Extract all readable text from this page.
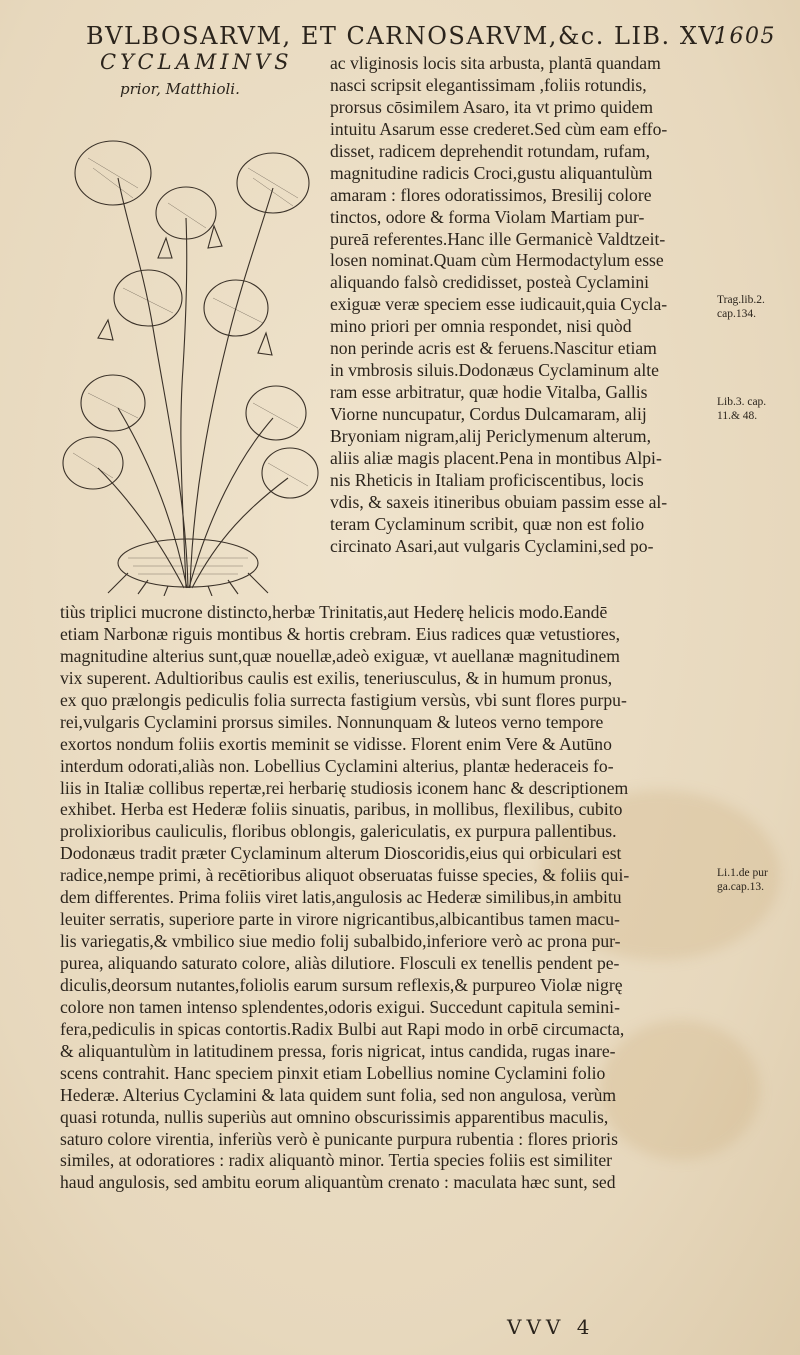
BVLBOSARVM, ET CARNOSARVM,&c. LIB. XV.
1605
CYCLAMINVS
prior, Matthioli.
ac vliginosis locis sita arbusta, plantā quandam
nasci scripsit elegantissimam ,foliis rotundis,
prorsus cōsimilem Asaro, ita vt primo quidem
intuitu Asarum esse crederet.Sed cùm eam effo-
disset, radicem deprehendit rotundam, rufam,
magnitudine radicis Croci,gustu aliquantulùm
amaram : flores odoratissimos, Bresilij colore
tinctos, odore & forma Violam Martiam pur-
pureā referentes.Hanc ille Germanicè Valdtzeit-
losen nominat.Quam cùm Hermodactylum esse
aliquando falsò credidisset, posteà Cyclamini
exiguæ veræ speciem esse iudicauit,quia Cycla-
mino priori per omnia respondet, nisi quòd
non perinde acris est & feruens.Nascitur etiam
in vmbrosis siluis.Dodonæus Cyclaminum alte
ram esse arbitratur, quæ hodie Vitalba, Gallis
Viorne nuncupatur, Cordus Dulcamaram, alij
Bryoniam nigram,alij Periclymenum alterum,
aliis aliæ magis placent.Pena in montibus Alpi-
nis Rheticis in Italiam proficiscentibus, locis
vdis, & saxeis itineribus obuiam passim esse al-
teram Cyclaminum scribit, quæ non est folio
circinato Asari,aut vulgaris Cyclamini,sed po-
tiùs triplici mucrone distincto,herbæ Trinitatis,aut Hederę helicis modo.Eandē
etiam Narbonæ riguis montibus & hortis crebram. Eius radices quæ vetustiores,
magnitudine alterius sunt,quæ nouellæ,adeò exiguæ, vt auellanæ magnitudinem
vix superent. Adultioribus caulis est exilis, teneriusculus, & in humum pronus,
ex quo prælongis pediculis folia surrecta fastigium versùs, vbi sunt flores purpu-
rei,vulgaris Cyclamini prorsus similes. Nonnunquam & luteos verno tempore
exortos nondum foliis exortis meminit se vidisse. Florent enim Vere & Autūno
interdum odorati,aliàs non. Lobellius Cyclamini alterius, plantæ hederaceis fo-
liis in Italiæ collibus repertæ,rei herbarię studiosis iconem hanc & descriptionem
exhibet. Herba est Hederæ foliis sinuatis, paribus, in mollibus, flexilibus, cubito
prolixioribus cauliculis, floribus oblongis, galericulatis, ex purpura pallentibus.
Dodonæus tradit præter Cyclaminum alterum Dioscoridis,eius qui orbiculari est
radice,nempe primi, à recētioribus aliquot obseruatas fuisse species, & foliis qui-
dem differentes. Prima foliis viret latis,angulosis ac Hederæ similibus,in ambitu
leuiter serratis, superiore parte in virore nigricantibus,albicantibus tamen macu-
lis variegatis,& vmbilico siue medio folij subalbido,inferiore verò ac prona pur-
purea, aliquando saturato colore, aliàs dilutiore. Flosculi ex tenellis pendent pe-
diculis,deorsum nutantes,foliolis earum sursum reflexis,& purpureo Violæ nigrę
colore non tamen intenso splendentes,odoris exigui. Succedunt capitula semini-
fera,pediculis in spicas contortis.Radix Bulbi aut Rapi modo in orbē circumacta,
& aliquantulùm in latitudinem pressa, foris nigricat, intus candida, rugas inare-
scens contrahit. Hanc speciem pinxit etiam Lobellius nomine Cyclamini folio
Hederæ. Alterius Cyclamini & lata quidem sunt folia, sed non angulosa, verùm
quasi rotunda, nullis superiùs aut omnino obscurissimis apparentibus maculis,
saturo colore virentia, inferiùs verò è punicante purpura rubentia : flores prioris
similes, at odoratiores : radix aliquantò minor. Tertia species foliis est similiter
haud angulosis, sed ambitu eorum aliquantùm crenato : maculata hæc sunt, sed
Trag.lib.2.
cap.134.
Lib.3. cap.
11.& 48.
Li.1.de pur
ga.cap.13.
VVV 4
